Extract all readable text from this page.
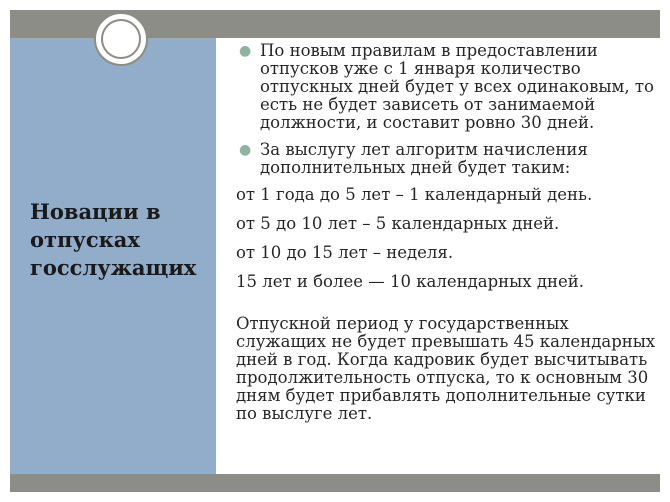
Новации в отпусках госслужащих
● По новым правилам в предоставлении отпусков уже с 1 января количество отпускных дней будет у всех одинаковым, то есть не будет зависеть от занимаемой должности, и составит ровно 30 дней.
● За выслугу лет алгоритм начисления дополнительных дней будет таким:

от 1 года до 5 лет – 1 календарный день.

от 5 до 10 лет – 5 календарных дней.

от 10 до 15 лет – неделя.

15 лет и более — 10 календарных дней.

Отпускной период у государственных служащих не будет превышать 45 календарных дней в год. Когда кадровик будет высчитывать продолжительность отпуска, то к основным 30 дням будет прибавлять дополнительные сутки по выслуге лет.
